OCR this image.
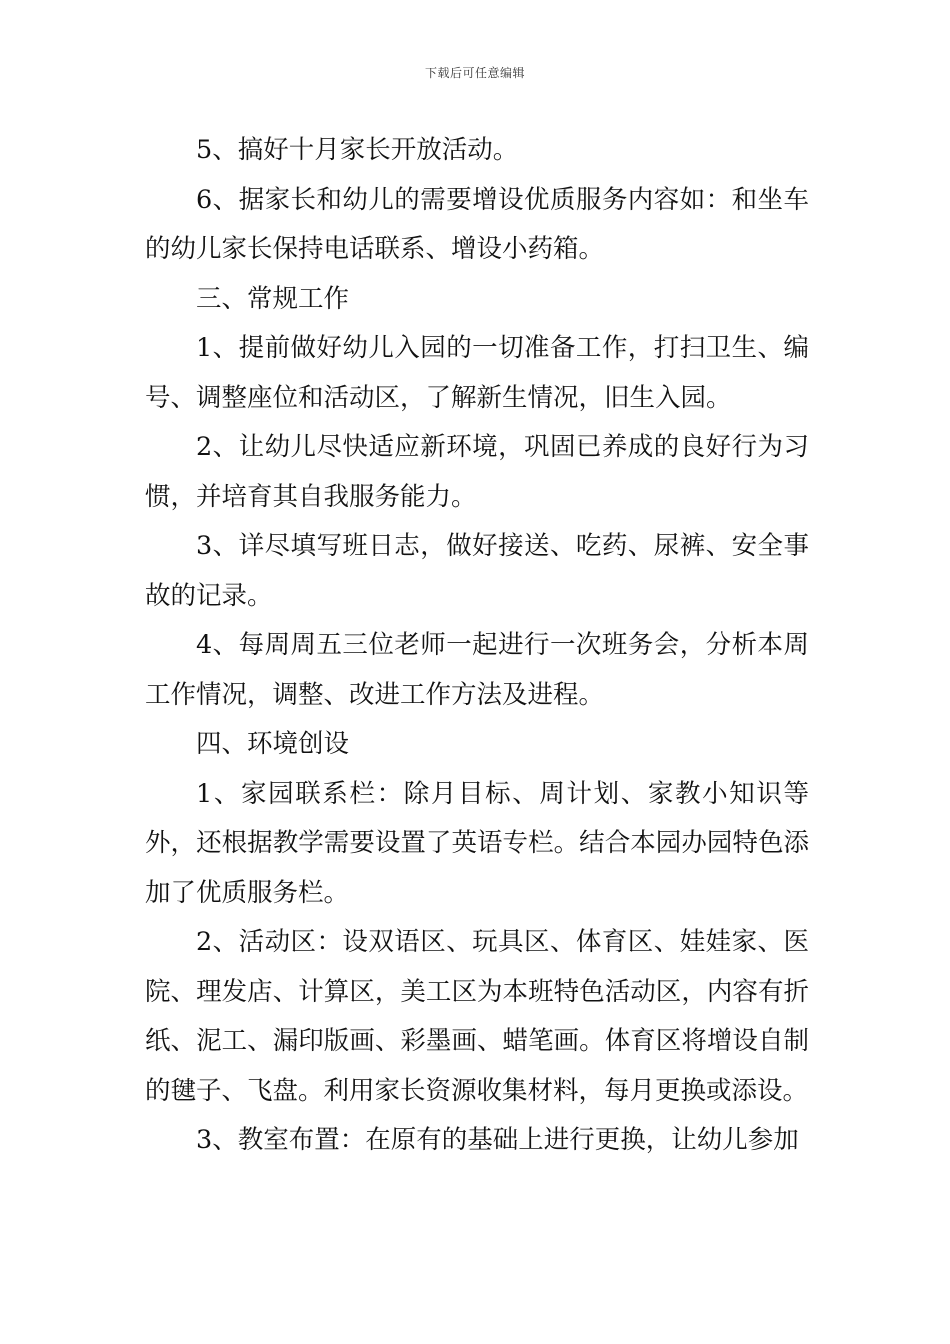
下载后可任意编辑

5、搞好十月家长开放活动。

6、据家长和幼儿的需要增设优质服务内容如：和坐车的幼儿家长保持电话联系、增设小药箱。

三、常规工作

1、提前做好幼儿入园的一切准备工作，打扫卫生、编号、调整座位和活动区，了解新生情况，旧生入园。

2、让幼儿尽快适应新环境，巩固已养成的良好行为习惯，并培育其自我服务能力。

3、详尽填写班日志，做好接送、吃药、尿裤、安全事故的记录。

4、每周周五三位老师一起进行一次班务会，分析本周工作情况，调整、改进工作方法及进程。

四、环境创设

1、家园联系栏：除月目标、周计划、家教小知识等外，还根据教学需要设置了英语专栏。结合本园办园特色添加了优质服务栏。

2、活动区：设双语区、玩具区、体育区、娃娃家、医院、理发店、计算区，美工区为本班特色活动区，内容有折纸、泥工、漏印版画、彩墨画、蜡笔画。体育区将增设自制的毽子、飞盘。利用家长资源收集材料，每月更换或添设。

3、教室布置：在原有的基础上进行更换，让幼儿参加
